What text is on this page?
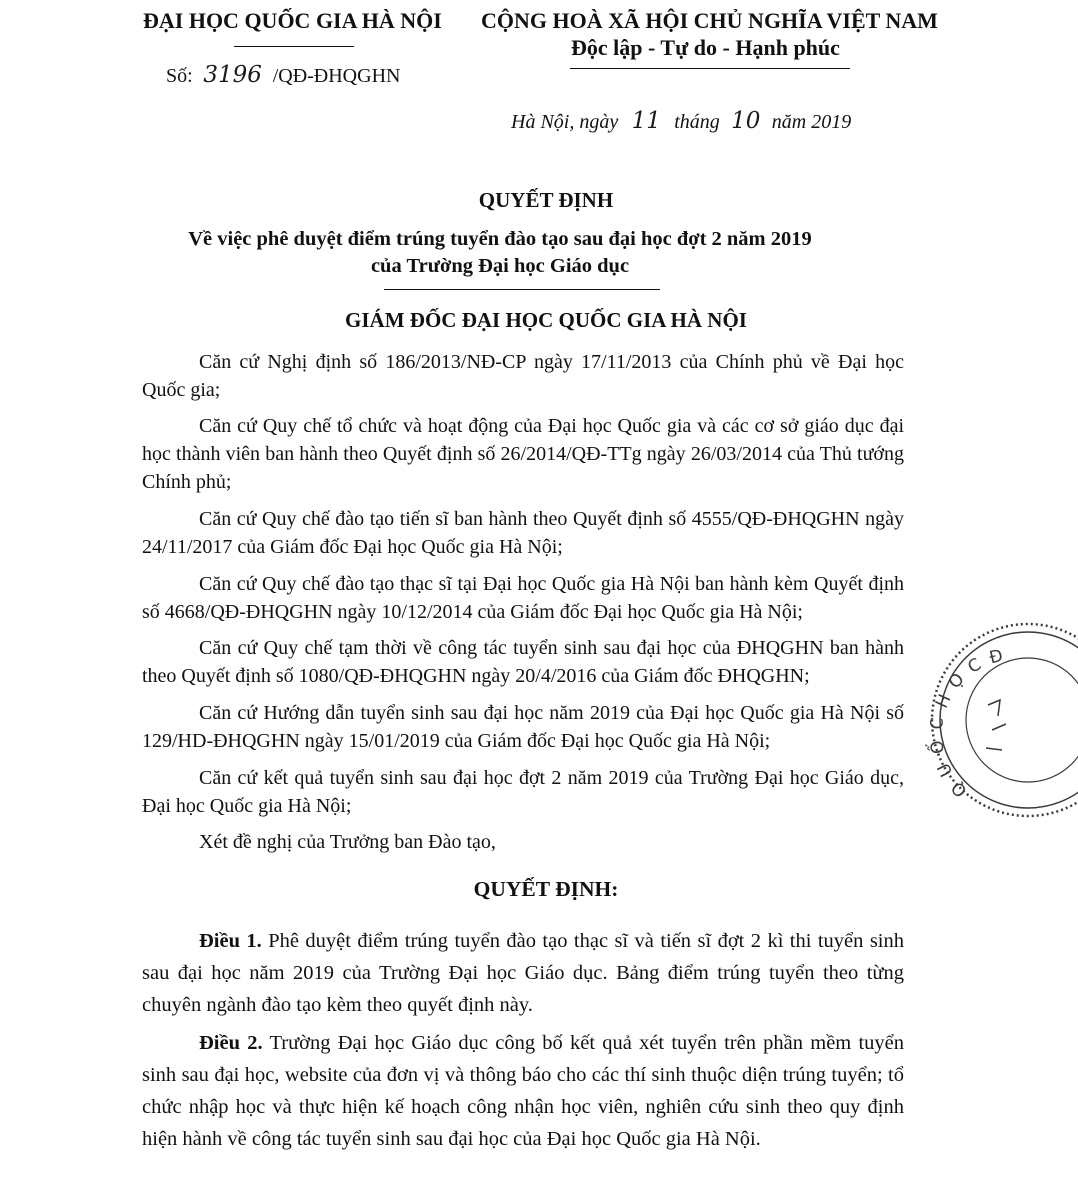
ĐẠI HỌC QUỐC GIA HÀ NỘI
Số: 3196 /QĐ-ĐHQGHN
CỘNG HOÀ XÃ HỘI CHỦ NGHĨA VIỆT NAM
Độc lập - Tự do - Hạnh phúc
Hà Nội, ngày 11 tháng 10 năm 2019
QUYẾT ĐỊNH
Về việc phê duyệt điểm trúng tuyển đào tạo sau đại học đợt 2 năm 2019
của Trường Đại học Giáo dục
GIÁM ĐỐC ĐẠI HỌC QUỐC GIA HÀ NỘI
Căn cứ Nghị định số 186/2013/NĐ-CP ngày 17/11/2013 của Chính phủ về Đại học Quốc gia;
Căn cứ Quy chế tổ chức và hoạt động của Đại học Quốc gia và các cơ sở giáo dục đại học thành viên ban hành theo Quyết định số 26/2014/QĐ-TTg ngày 26/03/2014 của Thủ tướng Chính phủ;
Căn cứ Quy chế đào tạo tiến sĩ ban hành theo Quyết định số 4555/QĐ-ĐHQGHN ngày 24/11/2017 của Giám đốc Đại học Quốc gia Hà Nội;
Căn cứ Quy chế đào tạo thạc sĩ tại Đại học Quốc gia Hà Nội ban hành kèm Quyết định số 4668/QĐ-ĐHQGHN ngày 10/12/2014 của Giám đốc Đại học Quốc gia Hà Nội;
Căn cứ Quy chế tạm thời về công tác tuyển sinh sau đại học của ĐHQGHN ban hành theo Quyết định số 1080/QĐ-ĐHQGHN ngày 20/4/2016 của Giám đốc ĐHQGHN;
Căn cứ Hướng dẫn tuyển sinh sau đại học năm 2019 của Đại học Quốc gia Hà Nội số 129/HD-ĐHQGHN ngày 15/01/2019 của Giám đốc Đại học Quốc gia Hà Nội;
Căn cứ kết quả tuyển sinh sau đại học đợt 2 năm 2019 của Trường Đại học Giáo dục, Đại học Quốc gia Hà Nội;
Xét đề nghị của Trưởng ban Đào tạo,
QUYẾT ĐỊNH:
Điều 1. Phê duyệt điểm trúng tuyển đào tạo thạc sĩ và tiến sĩ đợt 2 kì thi tuyển sinh sau đại học năm 2019 của Trường Đại học Giáo dục. Bảng điểm trúng tuyển theo từng chuyên ngành đào tạo kèm theo quyết định này.
Điều 2. Trường Đại học Giáo dục công bố kết quả xét tuyển trên phần mềm tuyển sinh sau đại học, website của đơn vị và thông báo cho các thí sinh thuộc diện trúng tuyển; tổ chức nhập học và thực hiện kế hoạch công nhận học viên, nghiên cứu sinh theo quy định hiện hành về công tác tuyển sinh sau đại học của Đại học Quốc gia Hà Nội.
Q U Ố C H Ọ C Đ A I
